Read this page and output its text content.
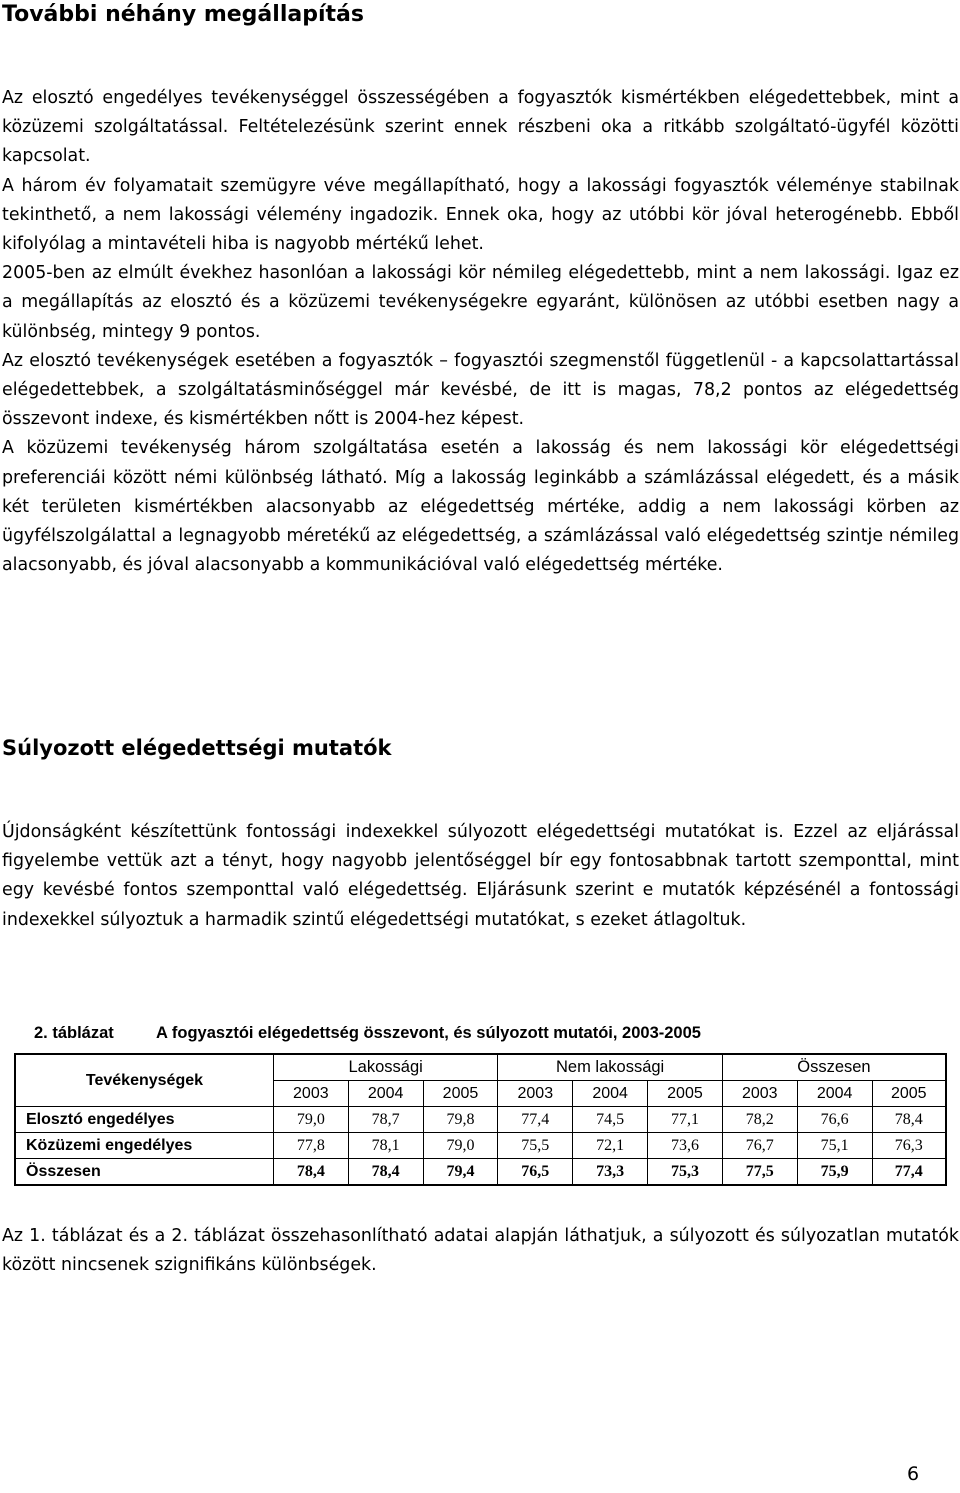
További néhány megállapítás

Az elosztó engedélyes tevékenységgel összességében a fogyasztók kismértékben elégedettebbek, mint a közüzemi szolgáltatással. Feltételezésünk szerint ennek részbeni oka a ritkább szolgáltató-ügyfél közötti kapcsolat.

A három év folyamatait szemügyre véve megállapítható, hogy a lakossági fogyasztók véleménye stabilnak tekinthető, a nem lakossági vélemény ingadozik. Ennek oka, hogy az utóbbi kör jóval heterogénebb. Ebből kifolyólag a mintavételi hiba is nagyobb mértékű lehet.

2005-ben az elmúlt évekhez hasonlóan a lakossági kör némileg elégedettebb, mint a nem lakossági. Igaz ez a megállapítás az elosztó és a közüzemi tevékenységekre egyaránt, különösen az utóbbi esetben nagy a különbség, mintegy 9 pontos.

Az elosztó tevékenységek esetében a fogyasztók – fogyasztói szegmenstől függetlenül - a kapcsolattartással elégedettebbek, a szolgáltatásminőséggel már kevésbé, de itt is magas, 78,2 pontos az elégedettség összevont indexe, és kismértékben nőtt is 2004-hez képest.

A közüzemi tevékenység három szolgáltatása esetén a lakosság és nem lakossági kör elégedettségi preferenciái között némi különbség látható. Míg a lakosság leginkább a számlázással elégedett, és a másik két területen kismértékben alacsonyabb az elégedettség mértéke, addig a nem lakossági körben az ügyfélszolgálattal a legnagyobb méretékű az elégedettség, a számlázással való elégedettség szintje némileg alacsonyabb, és jóval alacsonyabb a kommunikációval való elégedettség mértéke.

Súlyozott elégedettségi mutatók

Újdonságként készítettünk fontossági indexekkel súlyozott elégedettségi mutatókat is. Ezzel az eljárással figyelembe vettük azt a tényt, hogy nagyobb jelentőséggel bír egy fontosabbnak tartott szemponttal, mint egy kevésbé fontos szemponttal való elégedettség. Eljárásunk szerint e mutatók képzésénél a fontossági indexekkel súlyoztuk a harmadik szintű elégedettségi mutatókat, s ezeket átlagoltuk.

2. táblázat	A fogyasztói elégedettség összevont, és súlyozott mutatói, 2003-2005
Tevékenységek	Lakossági			Nem lakossági			Összesen		
	2003	2004	2005	2003	2004	2005	2003	2004	2005
Elosztó engedélyes	79,0	78,7	79,8	77,4	74,5	77,1	78,2	76,6	78,4
Közüzemi engedélyes	77,8	78,1	79,0	75,5	72,1	73,6	76,7	75,1	76,3
Összesen	78,4	78,4	79,4	76,5	73,3	75,3	77,5	75,9	77,4

Az 1. táblázat és a 2. táblázat összehasonlítható adatai alapján láthatjuk, a súlyozott és súlyozatlan mutatók között nincsenek szignifikáns különbségek.

6
